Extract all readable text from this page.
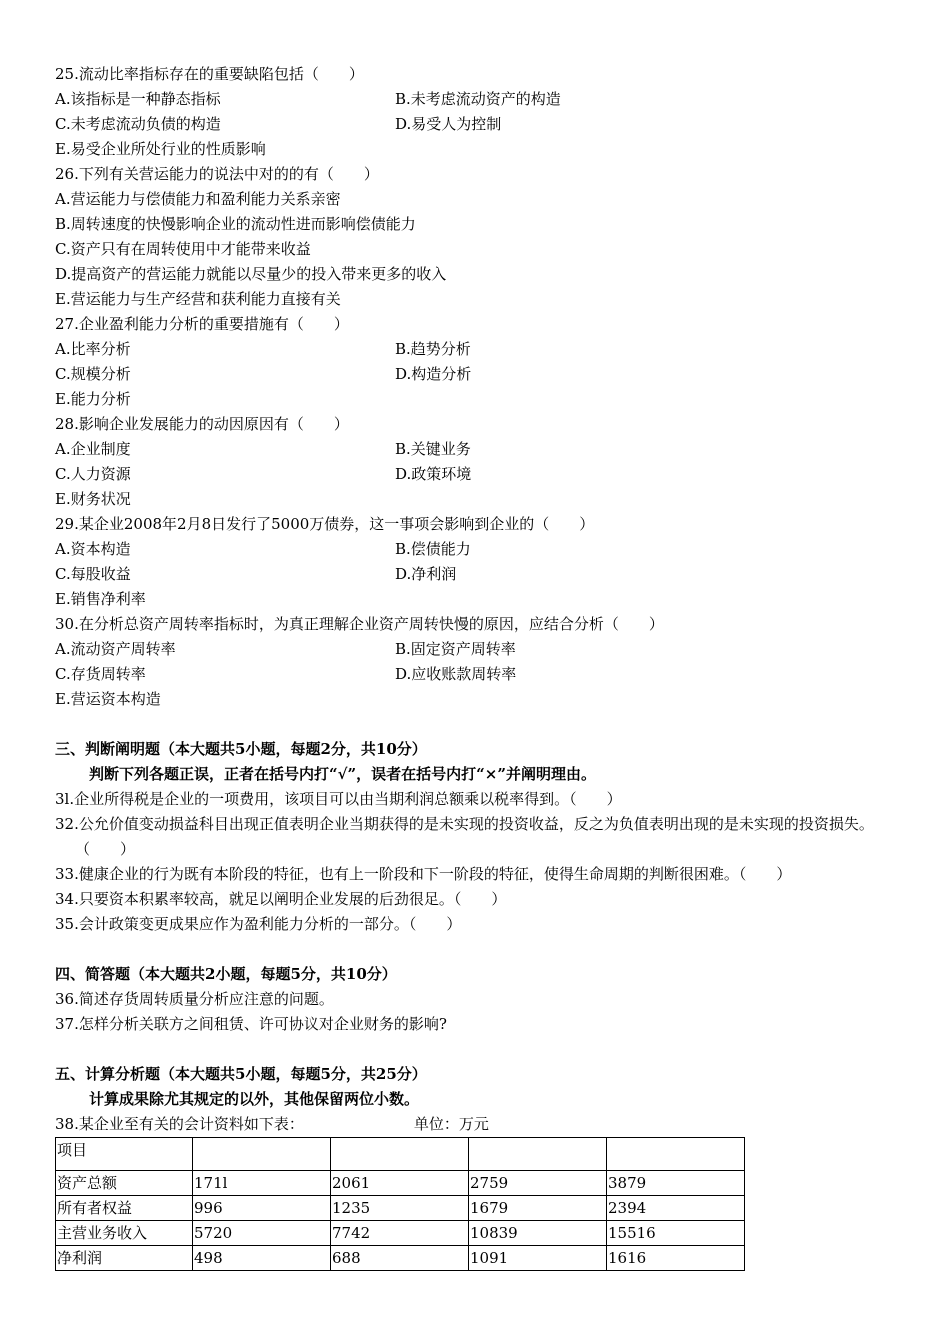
25.流动比率指标存在的重要缺陷包括（　　）
A.该指标是一种静态指标	B.未考虑流动资产的构造
C.未考虑流动负债的构造	D.易受人为控制
E.易受企业所处行业的性质影响
26.下列有关营运能力的说法中对的的有（　　）
A.营运能力与偿债能力和盈利能力关系亲密
B.周转速度的快慢影响企业的流动性进而影响偿债能力
C.资产只有在周转使用中才能带来收益
D.提高资产的营运能力就能以尽量少的投入带来更多的收入
E.营运能力与生产经营和获利能力直接有关
27.企业盈利能力分析的重要措施有（　　）
A.比率分析	B.趋势分析
C.规模分析	D.构造分析
E.能力分析
28.影响企业发展能力的动因原因有（　　）
A.企业制度	B.关键业务
C.人力资源	D.政策环境
E.财务状况
29.某企业2008年2月8日发行了5000万债券，这一事项会影响到企业的（　　）
A.资本构造	B.偿债能力
C.每股收益	D.净利润
E.销售净利率
30.在分析总资产周转率指标时，为真正理解企业资产周转快慢的原因，应结合分析（　　）
A.流动资产周转率	B.固定资产周转率
C.存货周转率	D.应收账款周转率
E.营运资本构造
三、判断阐明题（本大题共5小题，每题2分，共10分）
判断下列各题正误，正者在括号内打“√”，误者在括号内打“×”并阐明理由。
3l.企业所得税是企业的一项费用，该项目可以由当期利润总额乘以税率得到。（　　）
32.公允价值变动损益科目出现正值表明企业当期获得的是未实现的投资收益，反之为负值表明出现的是未实现的投资损失。（　　）
33.健康企业的行为既有本阶段的特征，也有上一阶段和下一阶段的特征，使得生命周期的判断很困难。（　　）
34.只要资本积累率较高，就足以阐明企业发展的后劲很足。（　　）
35.会计政策变更成果应作为盈利能力分析的一部分。（　　）
四、简答题（本大题共2小题，每题5分，共10分）
36.简述存货周转质量分析应注意的问题。
37.怎样分析关联方之间租赁、许可协议对企业财务的影响?
五、计算分析题（本大题共5小题，每题5分，共25分）
计算成果除尤其规定的以外，其他保留两位小数。
38.某企业至有关的会计资料如下表：	单位：万元
项目				
资产总额	171l	2061	2759	3879
所有者权益	996	1235	1679	2394
主营业务收入	5720	7742	10839	15516
净利润	498	688	1091	1616
